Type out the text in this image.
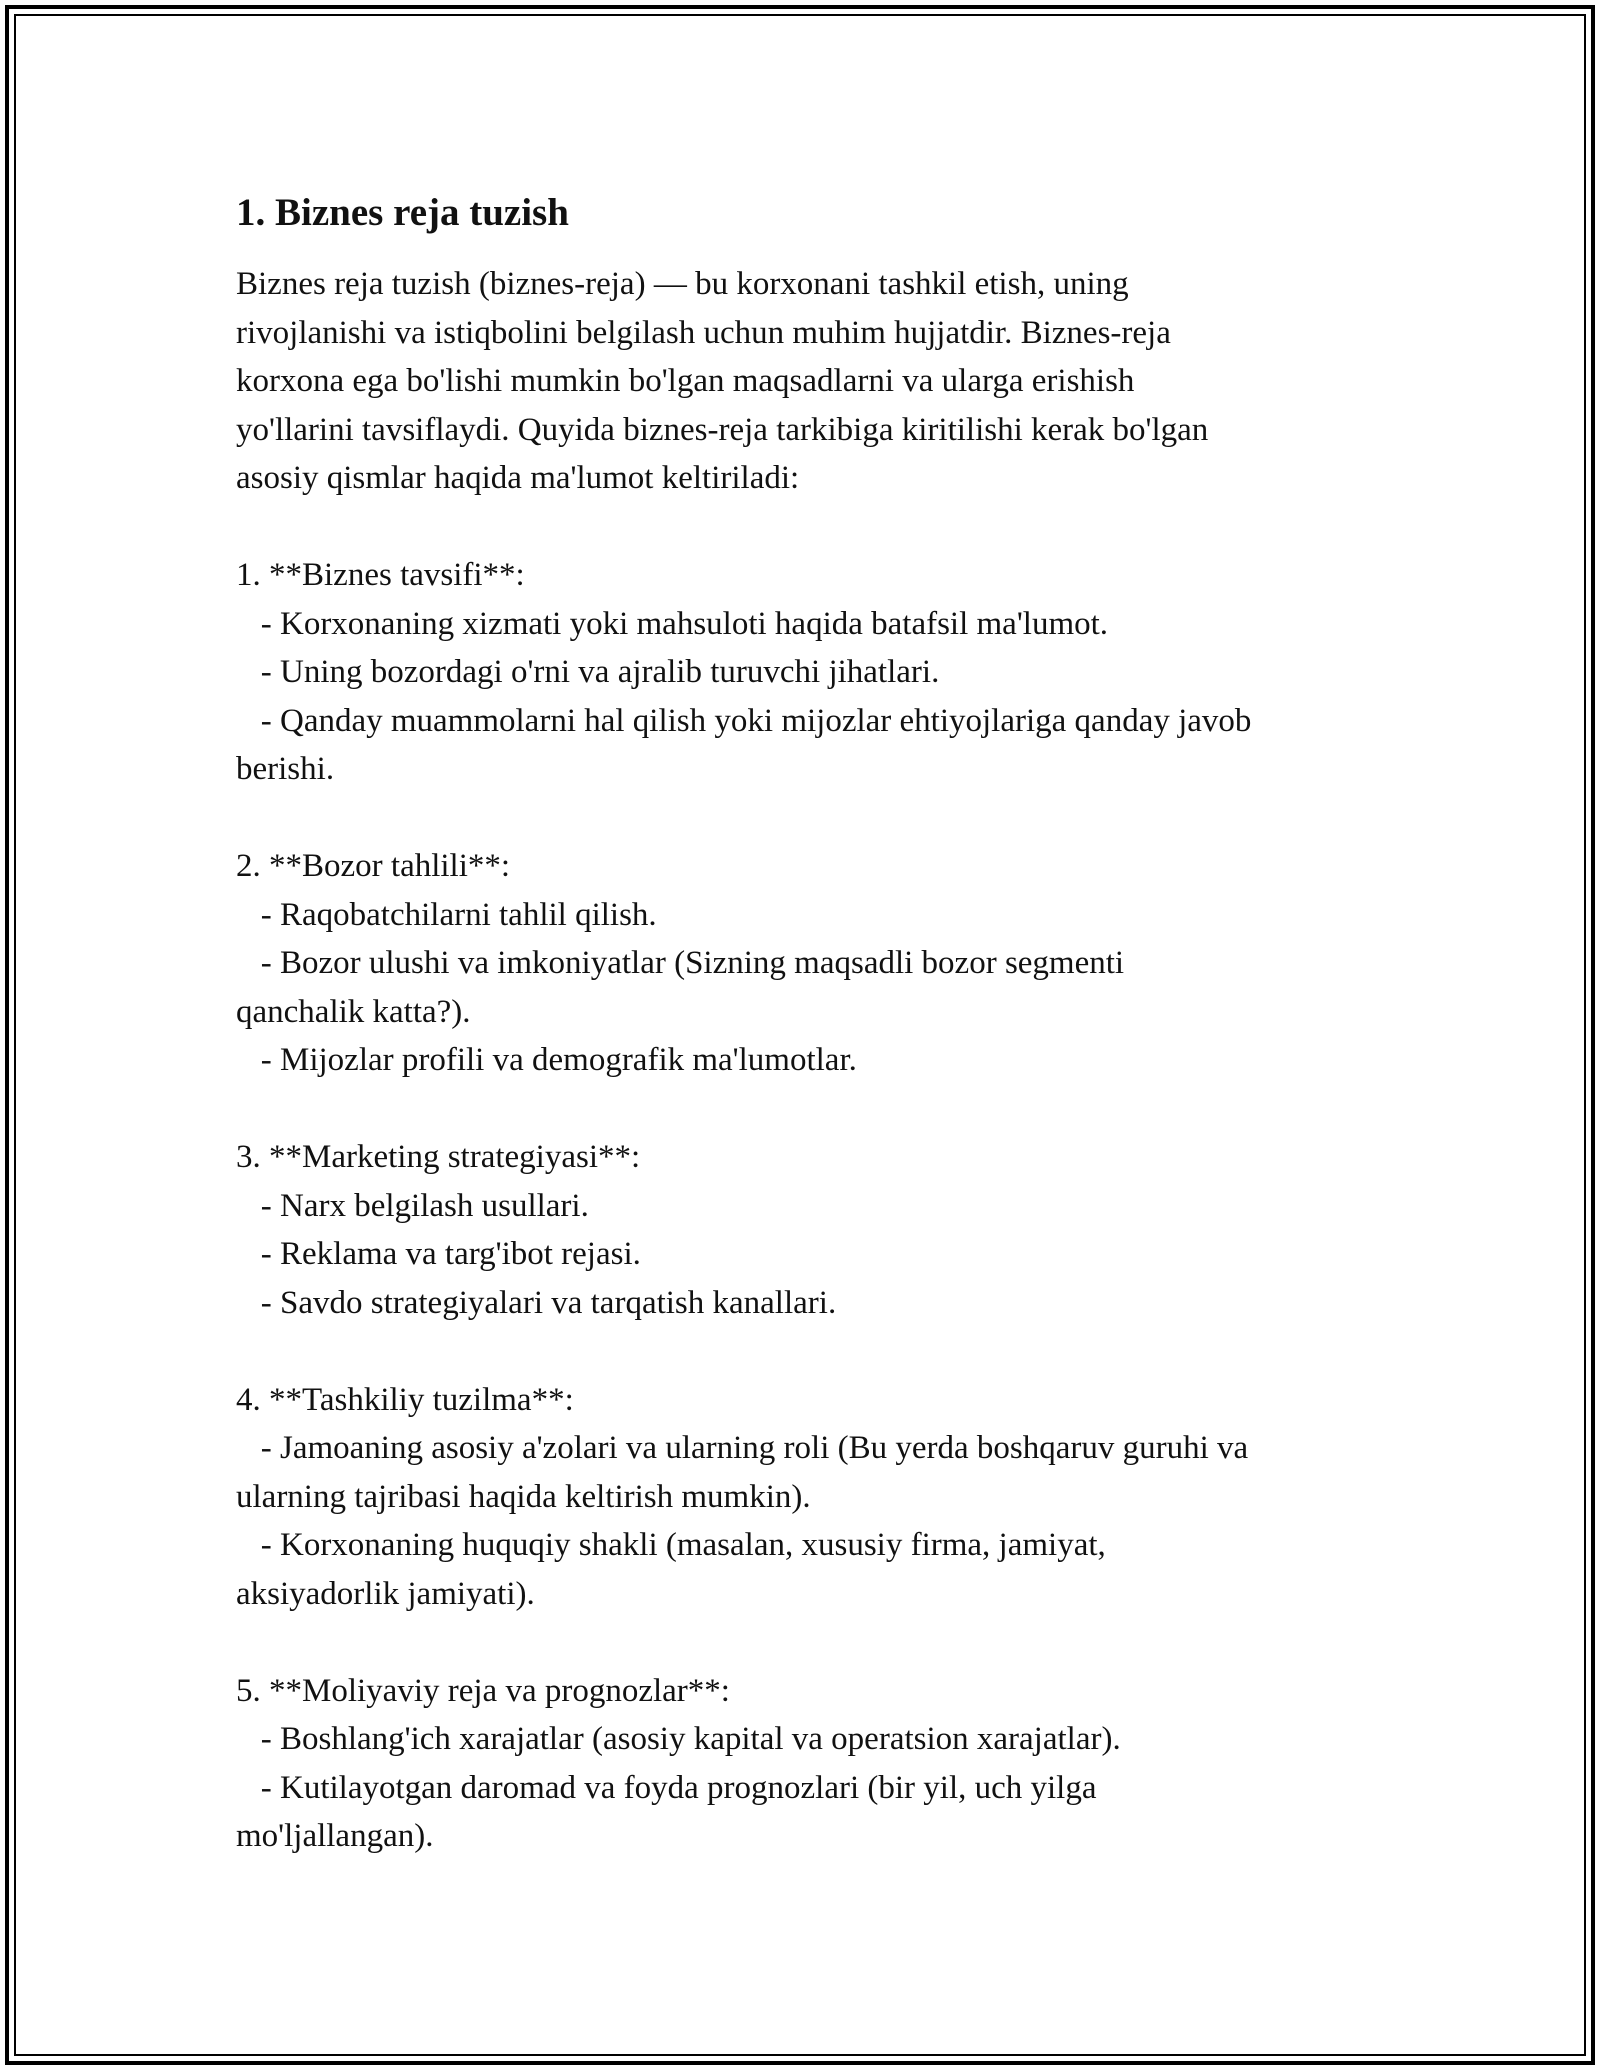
1. Biznes reja tuzish

Biznes reja tuzish (biznes-reja) — bu korxonani tashkil etish, uning
rivojlanishi va istiqbolini belgilash uchun muhim hujjatdir. Biznes-reja
korxona ega bo'lishi mumkin bo'lgan maqsadlarni va ularga erishish
yo'llarini tavsiflaydi. Quyida biznes-reja tarkibiga kiritilishi kerak bo'lgan
asosiy qismlar haqida ma'lumot keltiriladi:

1. **Biznes tavsifi**:

- Korxonaning xizmati yoki mahsuloti haqida batafsil ma'lumot.

- Uning bozordagi o'rni va ajralib turuvchi jihatlari.

- Qanday muammolarni hal qilish yoki mijozlar ehtiyojlariga qanday javob
berishi.

2. **Bozor tahlili**:

- Raqobatchilarni tahlil qilish.

- Bozor ulushi va imkoniyatlar (Sizning maqsadli bozor segmenti
qanchalik katta?).

- Mijozlar profili va demografik ma'lumotlar.

3. **Marketing strategiyasi**:

- Narx belgilash usullari.

- Reklama va targ'ibot rejasi.

- Savdo strategiyalari va tarqatish kanallari.

4. **Tashkiliy tuzilma**:

- Jamoaning asosiy a'zolari va ularning roli (Bu yerda boshqaruv guruhi va
ularning tajribasi haqida keltirish mumkin).

- Korxonaning huquqiy shakli (masalan, xususiy firma, jamiyat,
aksiyadorlik jamiyati).

5. **Moliyaviy reja va prognozlar**:

- Boshlang'ich xarajatlar (asosiy kapital va operatsion xarajatlar).

- Kutilayotgan daromad va foyda prognozlari (bir yil, uch yilga
mo'ljallangan).
